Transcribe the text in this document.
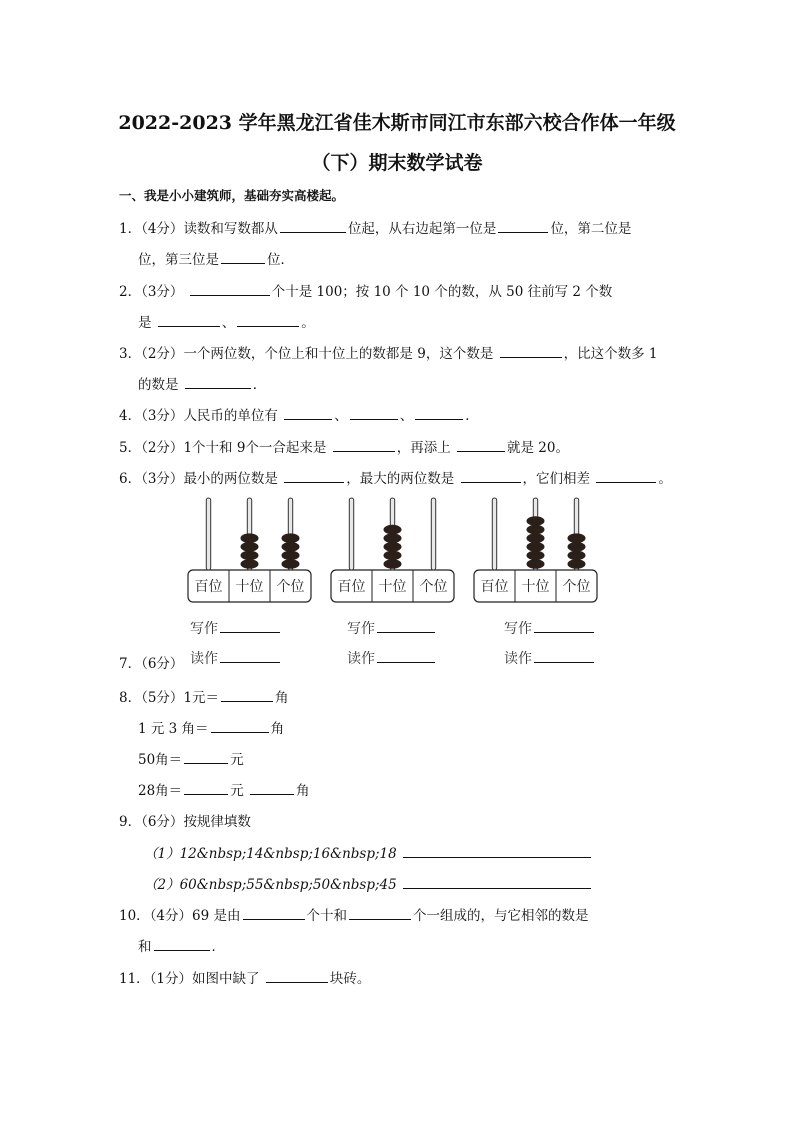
2022-2023 学年黑龙江省佳木斯市同江市东部六校合作体一年级
（下）期末数学试卷
一、我是小小建筑师，基础夯实高楼起。
1．（4分）读数和写数都从	位起，从右边起第一位是	位，第二位是
位，第三位是	位．
2．（3分）	个十是 100；按 10 个 10 个的数，从 50 往前写 2 个数
是	、	。
3．（2分）一个两位数，个位上和十位上的数都是 9，这个数是	，比这个数多 1
的数是	．
4．（3分）人民币的单位有	、	、	．
5．（2分）1个十和 9个一合起来是	，再添上	就是 20。
6．（3分）最小的两位数是	，最大的两位数是	，它们相差	。
百位 十位 个位 百位 十位 个位 百位 十位 个位
写作	写作	写作
7．（6分） 读作	读作	读作
8．（5分）1元＝	角
1 元 3 角＝	角
50角＝	元
28角＝	元	角
9．（6分）按规律填数
（1）12&nbsp;14&nbsp;16&nbsp;18
（2）60&nbsp;55&nbsp;50&nbsp;45
10．（4分）69 是由	个十和	个一组成的，与它相邻的数是
和	．
11．（1分）如图中缺了	块砖。
